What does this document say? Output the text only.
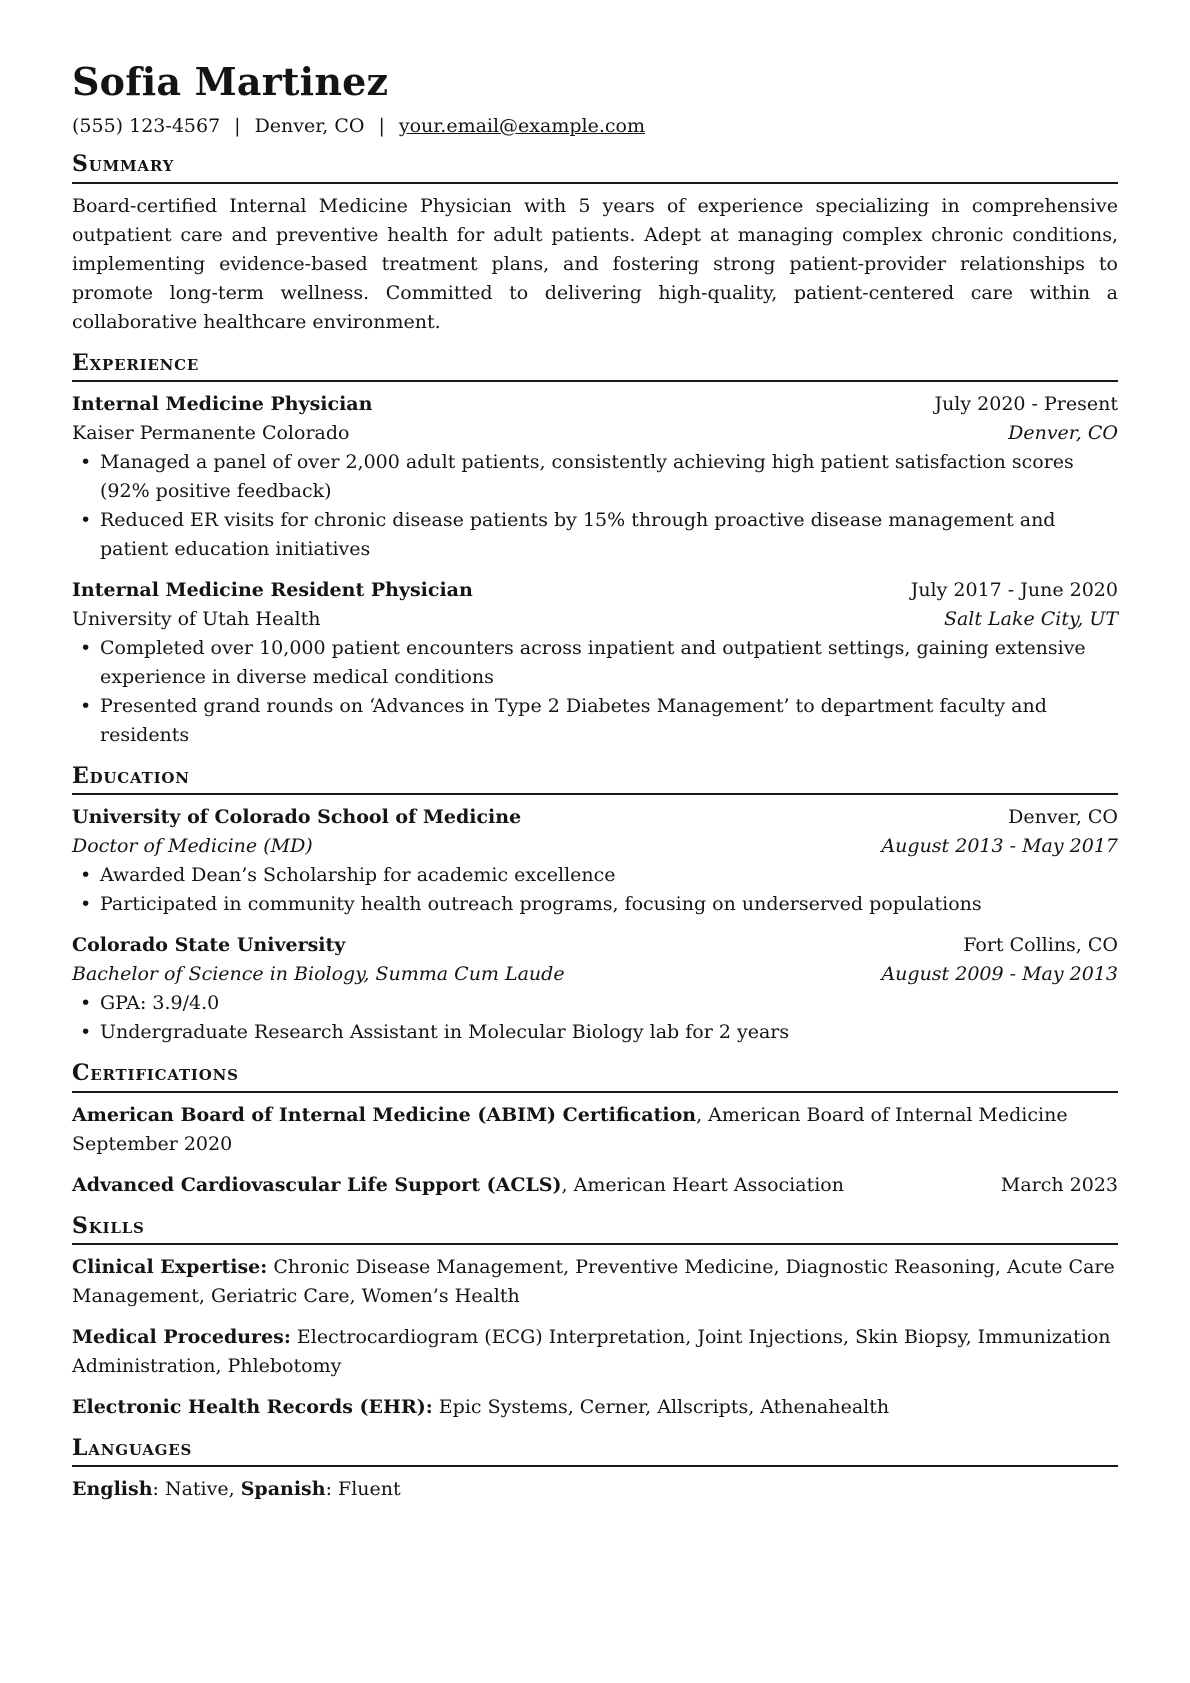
Sofia Martinez
(555) 123-4567 | Denver, CO | your.email@example.com
Summary

Board-certified Internal Medicine Physician with 5 years of experience specializing in comprehensive outpatient care and preventive health for adult patients. Adept at managing complex chronic conditions, implementing evidence-based treatment plans, and fostering strong patient-provider relationships to promote long-term wellness. Committed to delivering high-quality, patient-centered care within a collaborative healthcare environment.

Experience
Internal Medicine Physician	July 2020 - Present
Kaiser Permanente Colorado	Denver, CO
• Managed a panel of over 2,000 adult patients, consistently achieving high patient satisfaction scores (92% positive feedback)
• Reduced ER visits for chronic disease patients by 15% through proactive disease management and patient education initiatives
Internal Medicine Resident Physician	July 2017 - June 2020
University of Utah Health	Salt Lake City, UT
• Completed over 10,000 patient encounters across inpatient and outpatient settings, gaining extensive experience in diverse medical conditions
• Presented grand rounds on ‘Advances in Type 2 Diabetes Management’ to department faculty and residents
Education
University of Colorado School of Medicine	Denver, CO
Doctor of Medicine (MD)	August 2013 - May 2017
• Awarded Dean’s Scholarship for academic excellence
• Participated in community health outreach programs, focusing on underserved populations
Colorado State University	Fort Collins, CO
Bachelor of Science in Biology, Summa Cum Laude	August 2009 - May 2013
• GPA: 3.9/4.0
• Undergraduate Research Assistant in Molecular Biology lab for 2 years
Certifications
American Board of Internal Medicine (ABIM) Certification, American Board of Internal Medicine
September 2020
Advanced Cardiovascular Life Support (ACLS), American Heart Association	March 2023
Skills

Clinical Expertise: Chronic Disease Management, Preventive Medicine, Diagnostic Reasoning, Acute Care Management, Geriatric Care, Women’s Health

Medical Procedures: Electrocardiogram (ECG) Interpretation, Joint Injections, Skin Biopsy, Immunization Administration, Phlebotomy

Electronic Health Records (EHR): Epic Systems, Cerner, Allscripts, Athenahealth

Languages

English: Native, Spanish: Fluent
